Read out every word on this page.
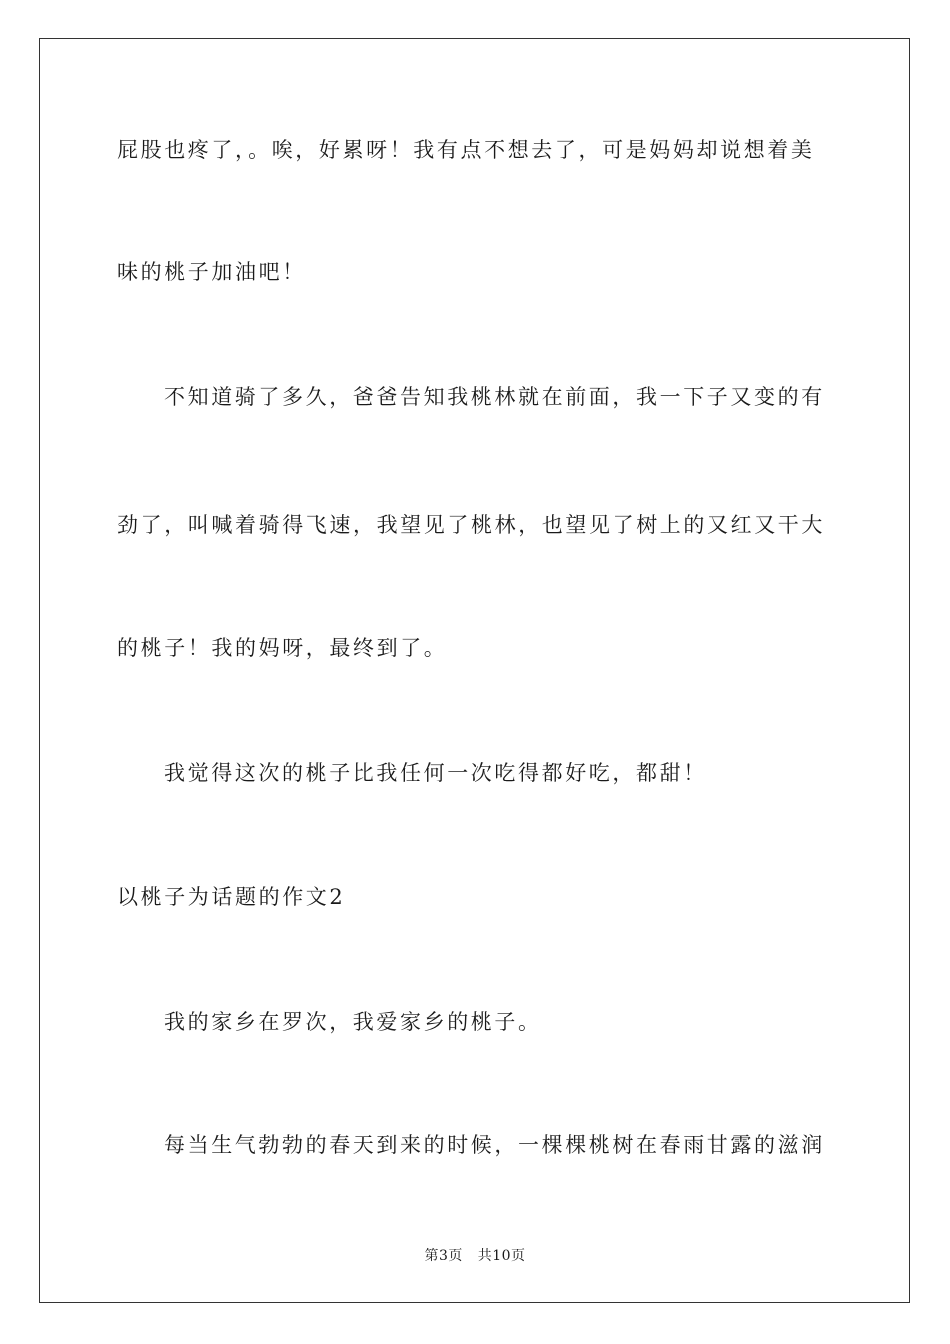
屁股也疼了，。唉，好累呀！我有点不想去了，可是妈妈却说想着美
味的桃子加油吧！
不知道骑了多久，爸爸告知我桃林就在前面，我一下子又变的有
劲了，叫喊着骑得飞速，我望见了桃林，也望见了树上的又红又干大
的桃子！我的妈呀，最终到了。
我觉得这次的桃子比我任何一次吃得都好吃，都甜！
以桃子为话题的作文2
我的家乡在罗次，我爱家乡的桃子。
每当生气勃勃的春天到来的时候，一棵棵桃树在春雨甘露的滋润
第3页   共10页
